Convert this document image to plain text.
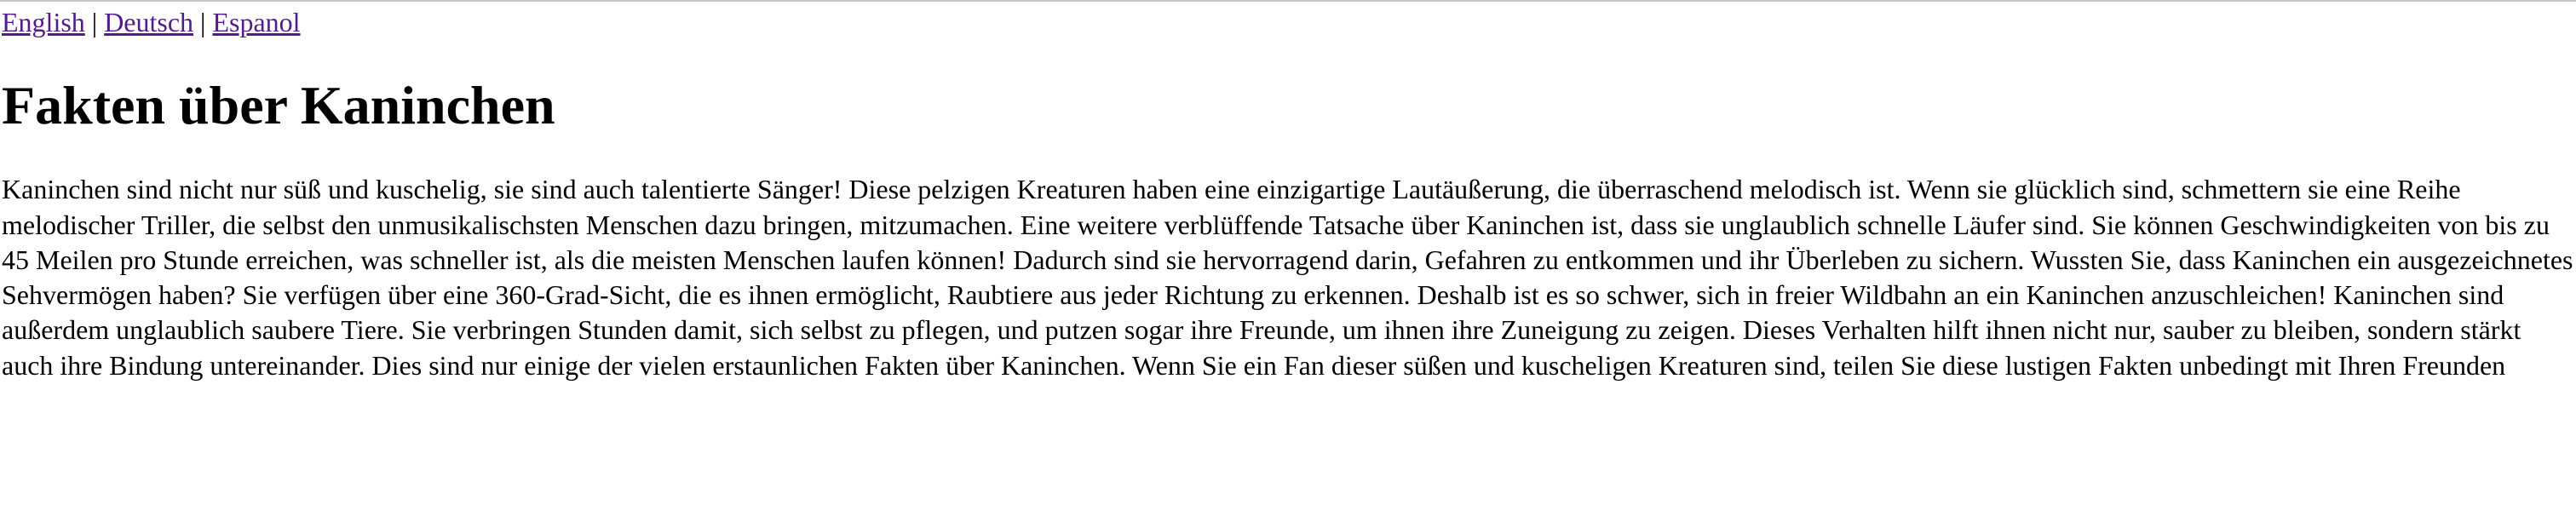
English | Deutsch | Espanol
Fakten über Kaninchen

Kaninchen sind nicht nur süß und kuschelig, sie sind auch talentierte Sänger! Diese pelzigen Kreaturen haben eine einzigartige Lautäußerung, die überraschend melodisch ist. Wenn sie glücklich sind, schmettern sie eine Reihe melodischer Triller, die selbst den unmusikalischsten Menschen dazu bringen, mitzumachen. Eine weitere verblüffende Tatsache über Kaninchen ist, dass sie unglaublich schnelle Läufer sind. Sie können Geschwindigkeiten von bis zu 45 Meilen pro Stunde erreichen, was schneller ist, als die meisten Menschen laufen können! Dadurch sind sie hervorragend darin, Gefahren zu entkommen und ihr Überleben zu sichern. Wussten Sie, dass Kaninchen ein ausgezeichnetes Sehvermögen haben? Sie verfügen über eine 360-Grad-Sicht, die es ihnen ermöglicht, Raubtiere aus jeder Richtung zu erkennen. Deshalb ist es so schwer, sich in freier Wildbahn an ein Kaninchen anzuschleichen! Kaninchen sind außerdem unglaublich saubere Tiere. Sie verbringen Stunden damit, sich selbst zu pflegen, und putzen sogar ihre Freunde, um ihnen ihre Zuneigung zu zeigen. Dieses Verhalten hilft ihnen nicht nur, sauber zu bleiben, sondern stärkt auch ihre Bindung untereinander. Dies sind nur einige der vielen erstaunlichen Fakten über Kaninchen. Wenn Sie ein Fan dieser süßen und kuscheligen Kreaturen sind, teilen Sie diese lustigen Fakten unbedingt mit Ihren Freunden
